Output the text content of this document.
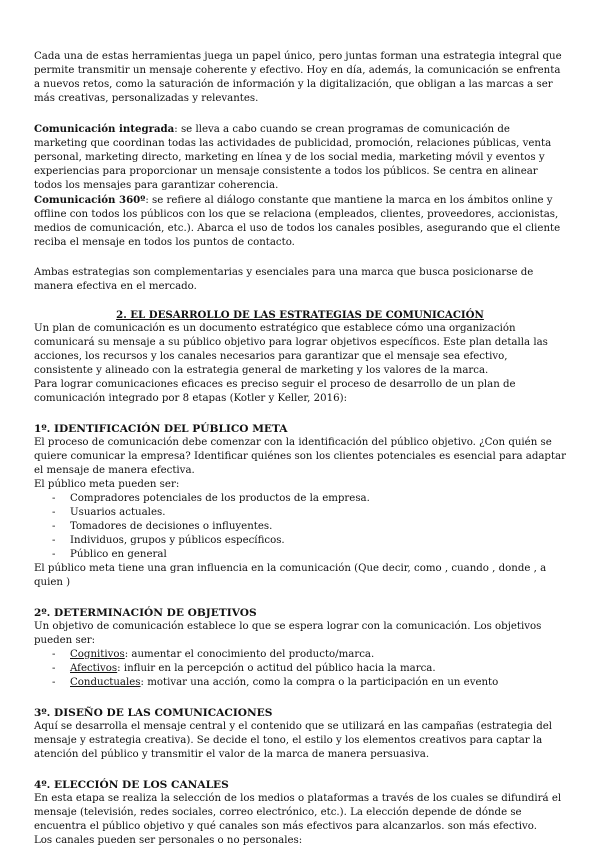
Cada una de estas herramientas juega un papel único, pero juntas forman una estrategia integral que permite transmitir un mensaje coherente y efectivo. Hoy en día, además, la comunicación se enfrenta a nuevos retos, como la saturación de información y la digitalización, que obligan a las marcas a ser más creativas, personalizadas y relevantes.

Comunicación integrada: se lleva a cabo cuando se crean programas de comunicación de marketing que coordinan todas las actividades de publicidad, promoción, relaciones públicas, venta personal, marketing directo, marketing en línea y de los social media, marketing móvil y eventos y experiencias para proporcionar un mensaje consistente a todos los públicos. Se centra en alinear todos los mensajes para garantizar coherencia.

Comunicación 360º: se refiere al diálogo constante que mantiene la marca en los ámbitos online y offline con todos los públicos con los que se relaciona (empleados, clientes, proveedores, accionistas, medios de comunicación, etc.). Abarca el uso de todos los canales posibles, asegurando que el cliente reciba el mensaje en todos los puntos de contacto.

Ambas estrategias son complementarias y esenciales para una marca que busca posicionarse de manera efectiva en el mercado.

2. EL DESARROLLO DE LAS ESTRATEGIAS DE COMUNICACIÓN

Un plan de comunicación es un documento estratégico que establece cómo una organización comunicará su mensaje a su público objetivo para lograr objetivos específicos. Este plan detalla las acciones, los recursos y los canales necesarios para garantizar que el mensaje sea efectivo, consistente y alineado con la estrategia general de marketing y los valores de la marca.

Para lograr comunicaciones eficaces es preciso seguir el proceso de desarrollo de un plan de comunicación integrado por 8 etapas (Kotler y Keller, 2016):

1º. IDENTIFICACIÓN DEL PÚBLICO META

El proceso de comunicación debe comenzar con la identificación del público objetivo. ¿Con quién se quiere comunicar la empresa? Identificar quiénes son los clientes potenciales es esencial para adaptar el mensaje de manera efectiva.

El público meta pueden ser:

- Compradores potenciales de los productos de la empresa.
- Usuarios actuales.
- Tomadores de decisiones o influyentes.
- Individuos, grupos y públicos específicos.
- Público en general

El público meta tiene una gran influencia en la comunicación (Que decir, como , cuando , donde , a quien )

2º. DETERMINACIÓN DE OBJETIVOS

Un objetivo de comunicación establece lo que se espera lograr con la comunicación. Los objetivos pueden ser:

- Cognitivos: aumentar el conocimiento del producto/marca.
- Afectivos: influir en la percepción o actitud del público hacia la marca.
- Conductuales: motivar una acción, como la compra o la participación en un evento

3º. DISEÑO DE LAS COMUNICACIONES

Aquí se desarrolla el mensaje central y el contenido que se utilizará en las campañas (estrategia del mensaje y estrategia creativa). Se decide el tono, el estilo y los elementos creativos para captar la atención del público y transmitir el valor de la marca de manera persuasiva.

4º. ELECCIÓN DE LOS CANALES

En esta etapa se realiza la selección de los medios o plataformas a través de los cuales se difundirá el mensaje (televisión, redes sociales, correo electrónico, etc.). La elección depende de dónde se encuentra el público objetivo y qué canales son más efectivos para alcanzarlos. son más efectivo.

Los canales pueden ser personales o no personales:
